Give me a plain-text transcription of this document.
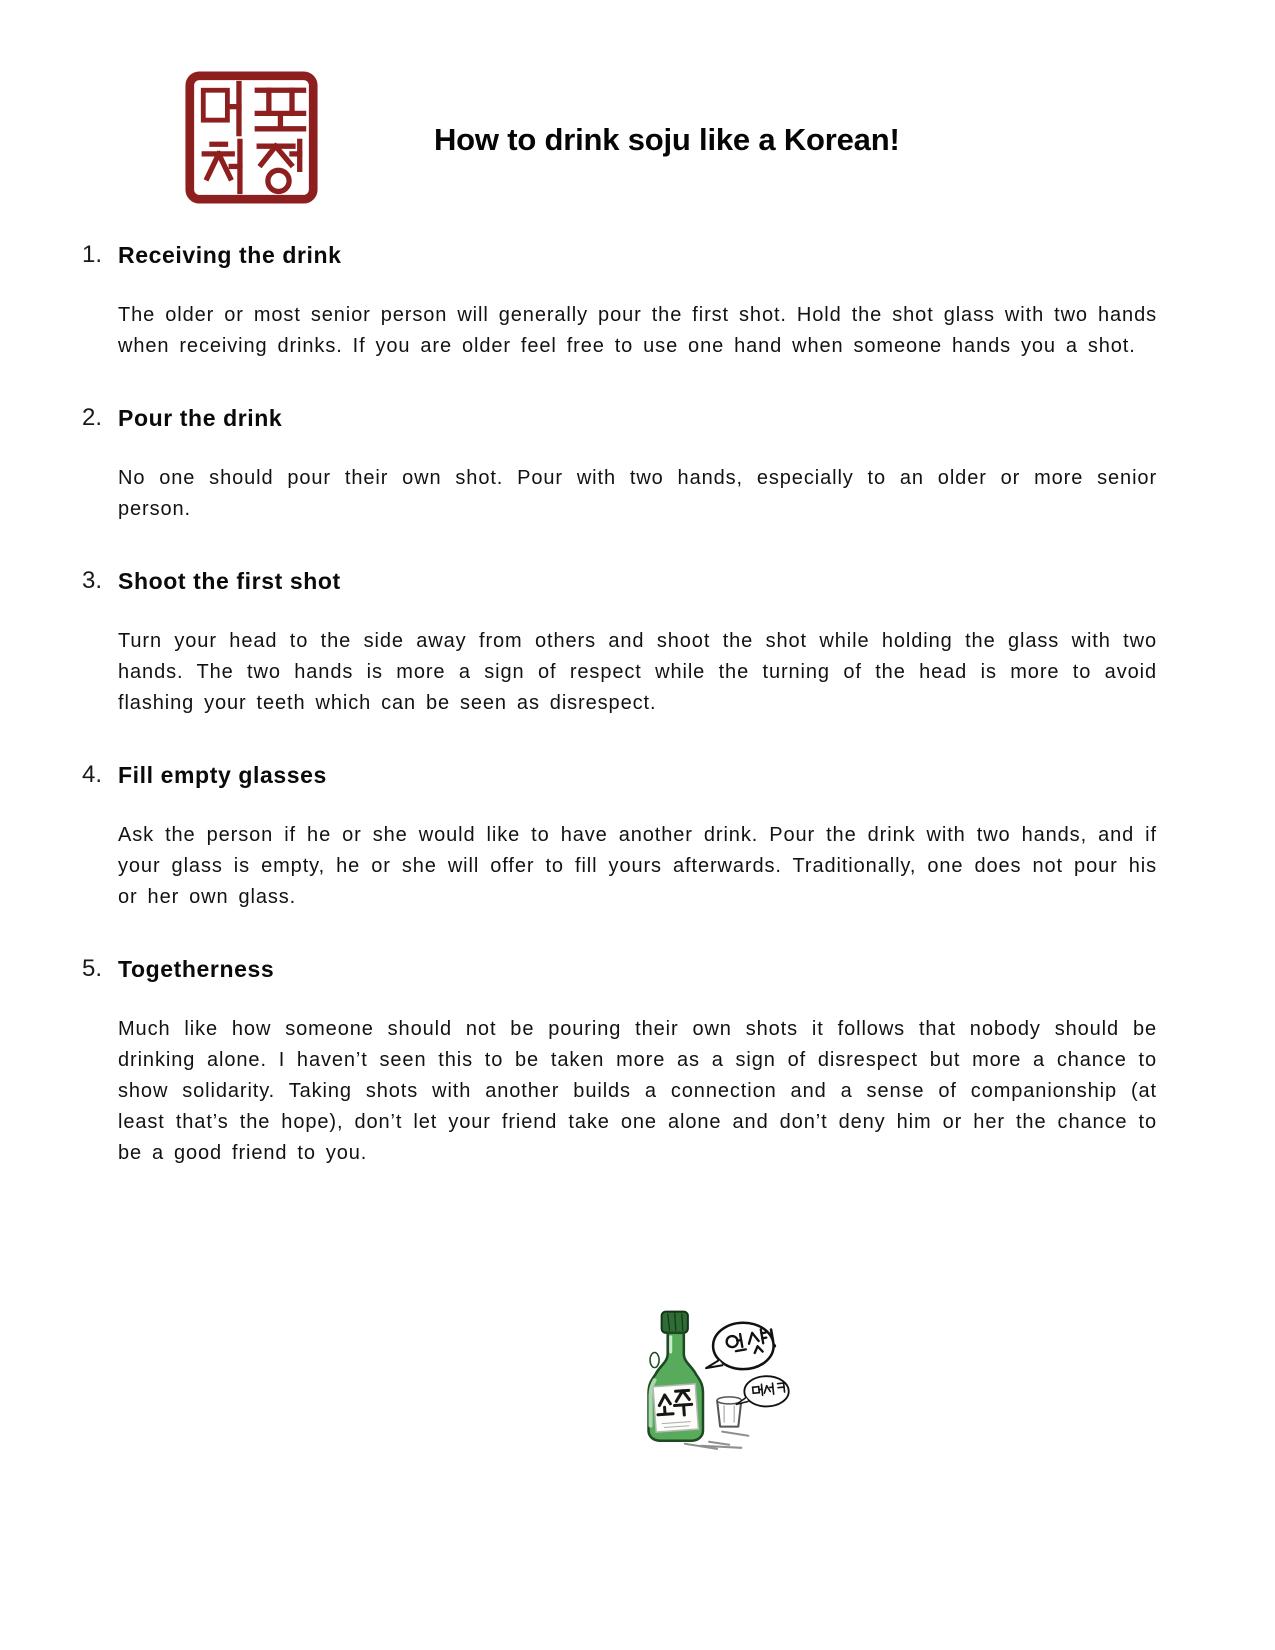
How to drink soju like a Korean!
1. Receiving the drink

The older or most senior person will generally pour the first shot. Hold the shot glass with two hands when receiving drinks. If you are older feel free to use one hand when someone hands you a shot.

2. Pour the drink

No one should pour their own shot. Pour with two hands, especially to an older or more senior person.

3. Shoot the first shot

Turn your head to the side away from others and shoot the shot while holding the glass with two hands. The two hands is more a sign of respect while the turning of the head is more to avoid flashing your teeth which can be seen as disrespect.

4. Fill empty glasses

Ask the person if he or she would like to have another drink. Pour the drink with two hands, and if your glass is empty, he or she will offer to fill yours afterwards. Traditionally, one does not pour his or her own glass.

5. Togetherness

Much like how someone should not be pouring their own shots it follows that nobody should be drinking alone. I haven’t seen this to be taken more as a sign of disrespect but more a chance to show solidarity. Taking shots with another builds a connection and a sense of companionship (at least that’s the hope), don’t let your friend take one alone and don’t deny him or her the chance to be a good friend to you.
